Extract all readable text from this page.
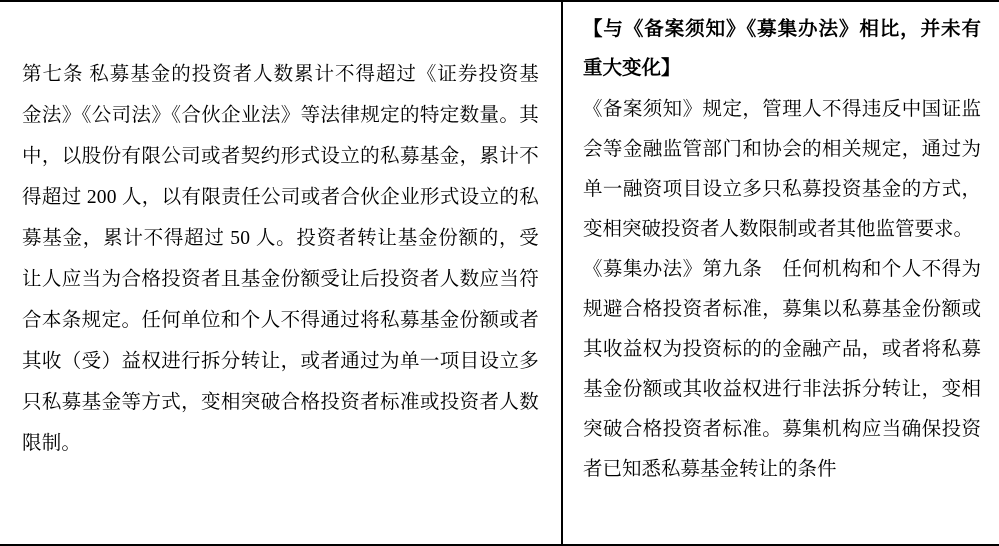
第七条 私募基金的投资者人数累计不得超过《证券投资基金法》《公司法》《合伙企业法》等法律规定的特定数量。其中，以股份有限公司或者契约形式设立的私募基金，累计不得超过 200 人，以有限责任公司或者合伙企业形式设立的私募基金，累计不得超过 50 人。投资者转让基金份额的，受让人应当为合格投资者且基金份额受让后投资者人数应当符合本条规定。任何单位和个人不得通过将私募基金份额或者其收（受）益权进行拆分转让，或者通过为单一项目设立多只私募基金等方式，变相突破合格投资者标准或投资者人数限制。

【与《备案须知》《募集办法》相比，并未有重大变化】

《备案须知》规定，管理人不得违反中国证监会等金融监管部门和协会的相关规定，通过为单一融资项目设立多只私募投资基金的方式，变相突破投资者人数限制或者其他监管要求。

《募集办法》第九条　任何机构和个人不得为规避合格投资者标准，募集以私募基金份额或其收益权为投资标的的金融产品，或者将私募基金份额或其收益权进行非法拆分转让，变相突破合格投资者标准。募集机构应当确保投资者已知悉私募基金转让的条件
